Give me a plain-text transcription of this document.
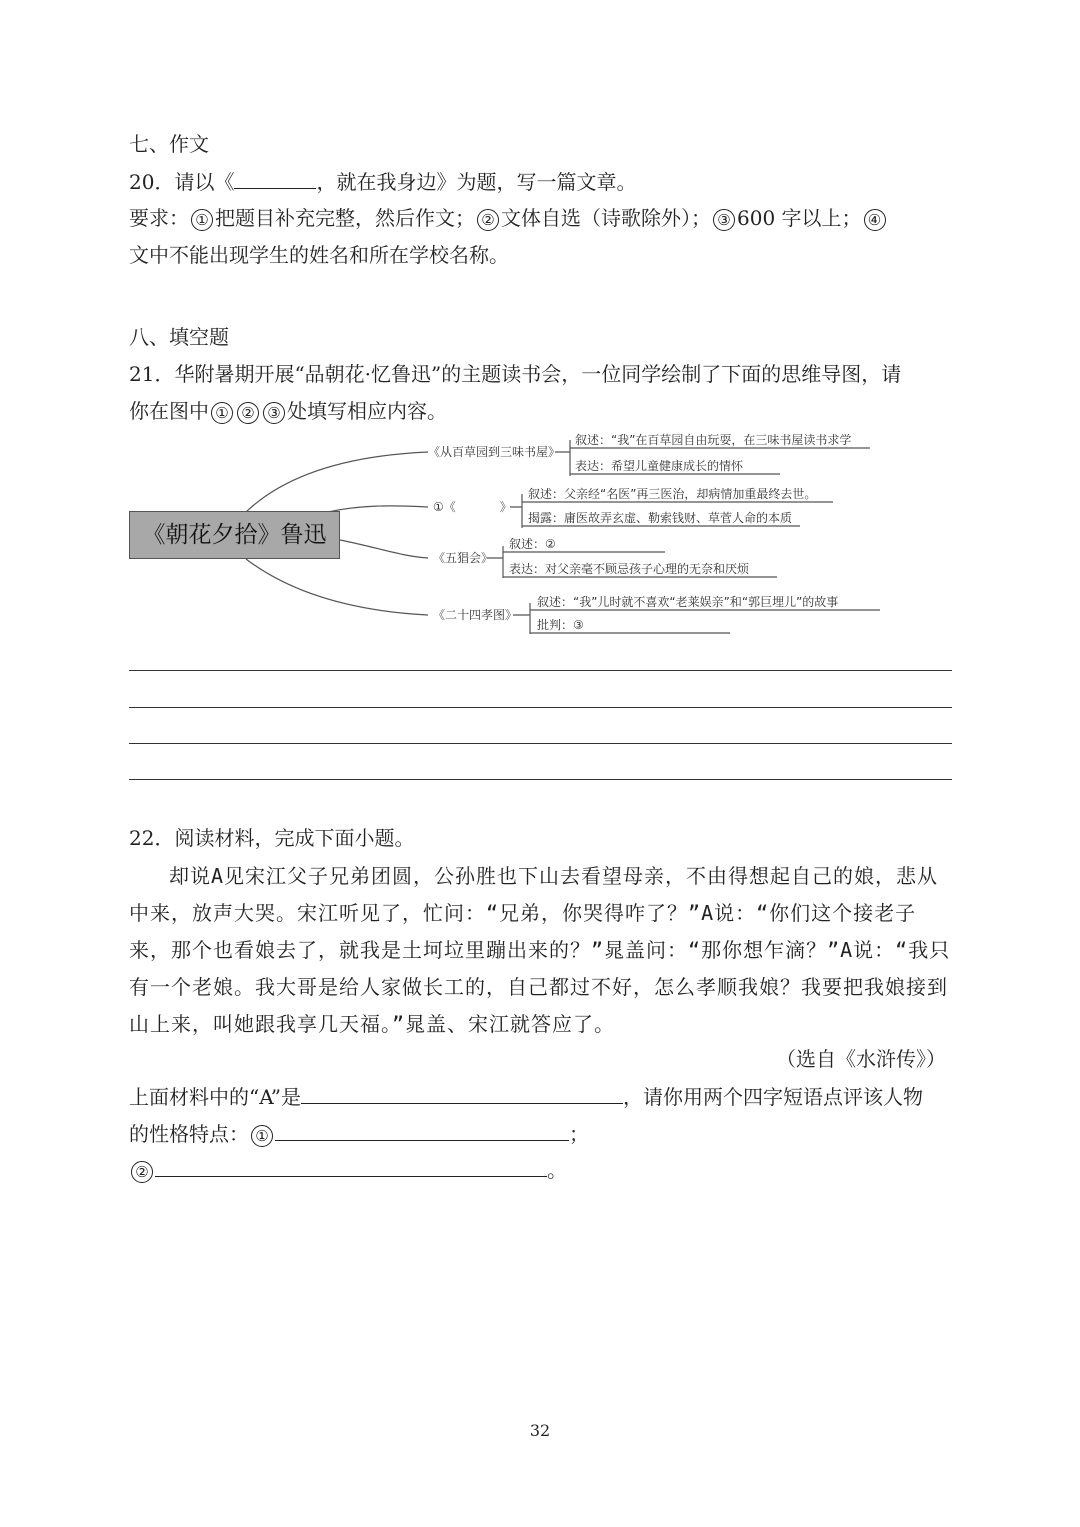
七、作文
20．请以《	，就在我身边》为题，写一篇文章。
要求： ① 把题目补充完整，然后作文； ② 文体自选（诗歌除外）； ③ 600 字以上； ④
文中不能出现学生的姓名和所在学校名称。
八、填空题
21．华附暑期开展“品朝花·忆鲁迅”的主题读书会，一位同学绘制了下面的思维导图，请
你在图中 ① ② ③ 处填写相应内容。
《朝花夕拾》鲁迅
《从百草园到三味书屋》
叙述：“我”在百草园自由玩耍，在三味书屋读书求学
表达：希望儿童健康成长的情怀
①《	》
叙述：父亲经“名医”再三医治，却病情加重最终去世。
揭露：庸医故弄玄虚、勒索钱财、草菅人命的本质
《五猖会》
叙述：②
表达：对父亲毫不顾忌孩子心理的无奈和厌烦
《二十四孝图》
叙述：“我”儿时就不喜欢“老莱娱亲”和“郭巨埋儿”的故事
批判：③
22．阅读材料，完成下面小题。
却说A见宋江父子兄弟团圆，公孙胜也下山去看望母亲，不由得想起自己的娘，悲从中来，放声大哭。宋江听见了，忙问：“兄弟，你哭得咋了？”A说：“你们这个接老子来，那个也看娘去了，就我是土坷垃里蹦出来的？”晁盖问：“那你想乍滴？”A说：“我只有一个老娘。我大哥是给人家做长工的，自己都过不好，怎么孝顺我娘？我要把我娘接到山上来，叫她跟我享几天福。”晁盖、宋江就答应了。
（选自《水浒传》）
上面材料中的“A”是	，请你用两个四字短语点评该人物
的性格特点： ①	；
②	。
32
